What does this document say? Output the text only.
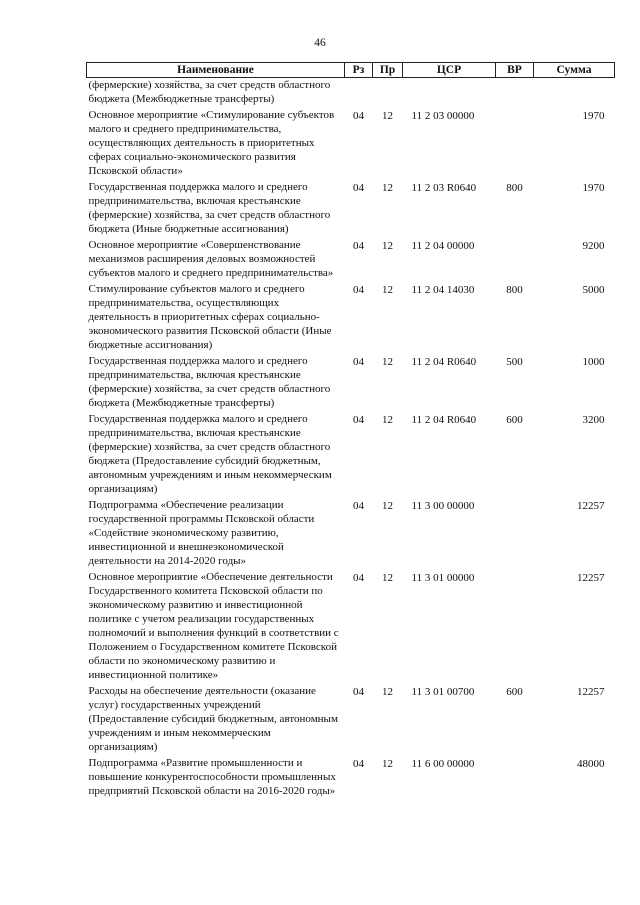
46
Наименование	Рз	Пр	ЦСР	ВР	Сумма
(фермерские) хозяйства, за счет средств областного бюджета (Межбюджетные трансферты)					
Основное мероприятие «Стимулирование субъектов малого и среднего предпринимательства, осуществляющих деятельность в приоритетных сферах социально-экономического развития Псковской области»	04	12	11 2 03 00000		1970
Государственная поддержка малого и среднего предпринимательства, включая крестьянские (фермерские) хозяйства, за счет средств областного бюджета (Иные бюджетные ассигнования)	04	12	11 2 03 R0640	800	1970
Основное мероприятие «Совершенствование механизмов расширения деловых возможностей субъектов малого и среднего предпринимательства»	04	12	11 2 04 00000		9200
Стимулирование субъектов малого и среднего предпринимательства, осуществляющих деятельность в приоритетных сферах социально-экономического развития Псковской области (Иные бюджетные ассигнования)	04	12	11 2 04 14030	800	5000
Государственная поддержка малого и среднего предпринимательства, включая крестьянские (фермерские) хозяйства, за счет средств областного бюджета (Межбюджетные трансферты)	04	12	11 2 04 R0640	500	1000
Государственная поддержка малого и среднего предпринимательства, включая крестьянские (фермерские) хозяйства, за счет средств областного бюджета (Предоставление субсидий бюджетным, автономным учреждениям и иным некоммерческим организациям)	04	12	11 2 04 R0640	600	3200
Подпрограмма «Обеспечение реализации государственной программы Псковской области «Содействие экономическому развитию, инвестиционной и внешнеэкономической деятельности на 2014-2020 годы»	04	12	11 3 00 00000		12257
Основное мероприятие «Обеспечение деятельности Государственного комитета Псковской области по экономическому развитию и инвестиционной политике с учетом реализации государственных полномочий и выполнения функций в соответствии с Положением о Государственном комитете Псковской области по экономическому развитию и инвестиционной политике»	04	12	11 3 01 00000		12257
Расходы на обеспечение деятельности (оказание услуг) государственных учреждений (Предоставление субсидий бюджетным, автономным учреждениям и иным некоммерческим организациям)	04	12	11 3 01 00700	600	12257
Подпрограмма «Развитие промышленности и повышение конкурентоспособности промышленных предприятий Псковской области на 2016-2020 годы»	04	12	11 6 00 00000		48000
